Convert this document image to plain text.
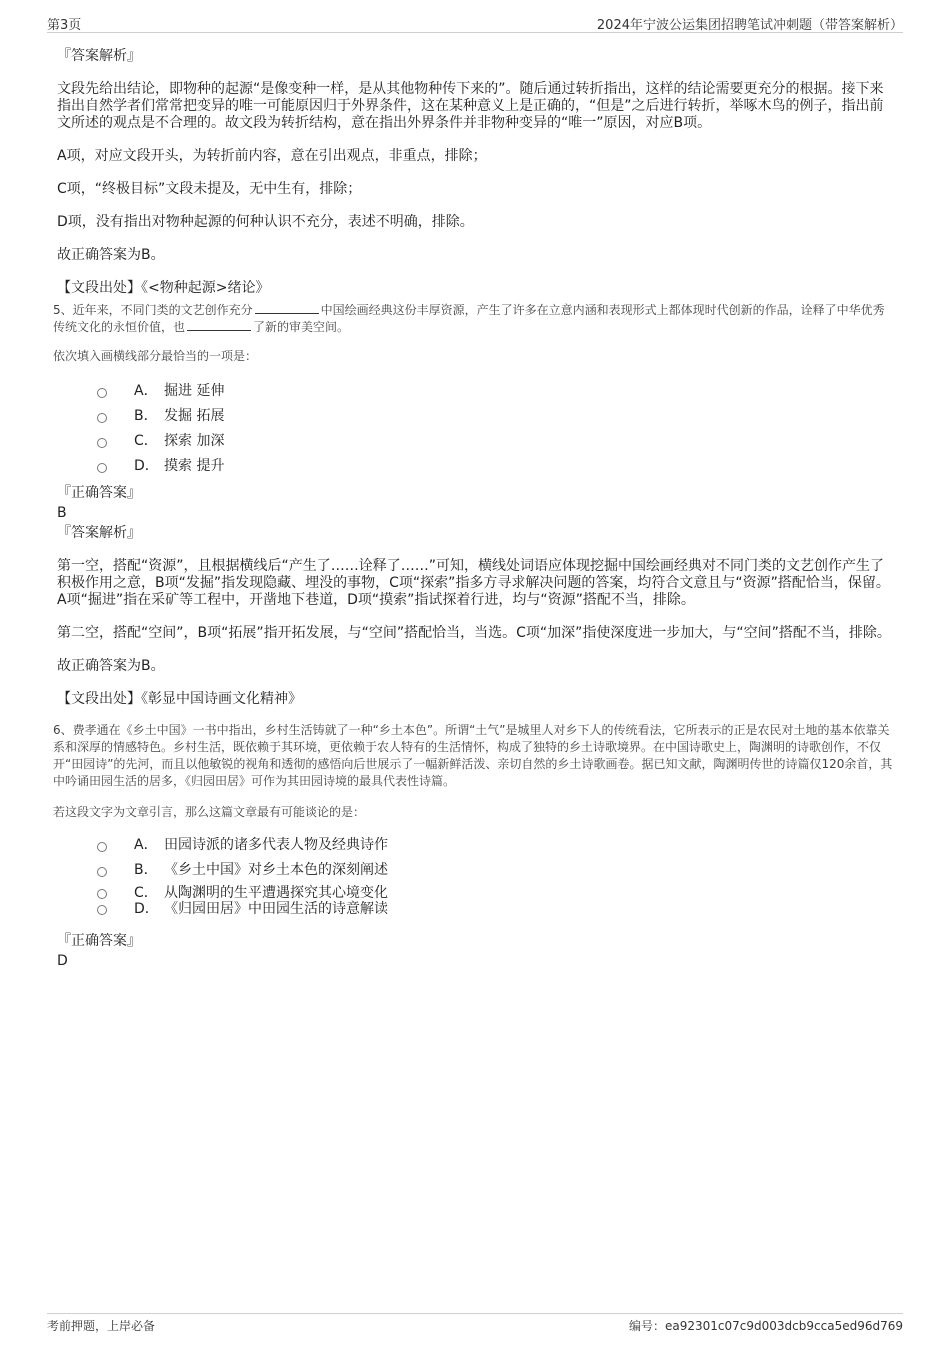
第3页	2024年宁波公运集团招聘笔试冲刺题（带答案解析）

『答案解析』

文段先给出结论，即物种的起源“是像变种一样，是从其他物种传下来的”。随后通过转折指出，这样的结论需要更充分的根据。接下来指出自然学者们常常把变异的唯一可能原因归于外界条件，这在某种意义上是正确的，“但是”之后进行转折，举啄木鸟的例子，指出前文所述的观点是不合理的。故文段为转折结构，意在指出外界条件并非物种变异的“唯一”原因，对应B项。

A项，对应文段开头，为转折前内容，意在引出观点，非重点，排除；

C项，“终极目标”文段未提及，无中生有，排除；

D项，没有指出对物种起源的何种认识不充分，表述不明确，排除。

故正确答案为B。

【文段出处】《<物种起源>绪论》

5、近年来，不同门类的文艺创作充分	中国绘画经典这份丰厚资源，产生了许多在立意内涵和表现形式上都体现时代创新的作品，诠释了中华优秀传统文化的永恒价值，也	了新的审美空间。

依次填入画横线部分最恰当的一项是：

A． 掘进 延伸
B． 发掘 拓展
C． 探索 加深
D． 摸索 提升

『正确答案』

B

『答案解析』

第一空，搭配“资源”，且根据横线后“产生了……诠释了……”可知，横线处词语应体现挖掘中国绘画经典对不同门类的文艺创作产生了积极作用之意，B项“发掘”指发现隐藏、埋没的事物，C项“探索”指多方寻求解决问题的答案，均符合文意且与“资源”搭配恰当，保留。A项“掘进”指在采矿等工程中，开凿地下巷道，D项“摸索”指试探着行进，均与“资源”搭配不当，排除。

第二空，搭配“空间”，B项“拓展”指开拓发展，与“空间”搭配恰当，当选。C项“加深”指使深度进一步加大，与“空间”搭配不当，排除。

故正确答案为B。

【文段出处】《彰显中国诗画文化精神》

6、费孝通在《乡土中国》一书中指出，乡村生活铸就了一种“乡土本色”。所谓“土气”是城里人对乡下人的传统看法，它所表示的正是农民对土地的基本依靠关系和深厚的情感特色。乡村生活，既依赖于其环境，更依赖于农人特有的生活情怀，构成了独特的乡土诗歌境界。在中国诗歌史上，陶渊明的诗歌创作，不仅开“田园诗”的先河，而且以他敏锐的视角和透彻的感悟向后世展示了一幅新鲜活泼、亲切自然的乡土诗歌画卷。据已知文献，陶渊明传世的诗篇仅120余首，其中吟诵田园生活的居多，《归园田居》可作为其田园诗境的最具代表性诗篇。

若这段文字为文章引言，那么这篇文章最有可能谈论的是：

A． 田园诗派的诸多代表人物及经典诗作
B． 《乡土中国》对乡土本色的深刻阐述
C． 从陶渊明的生平遭遇探究其心境变化
D． 《归园田居》中田园生活的诗意解读

『正确答案』

D

考前押题，上岸必备	编号：ea92301c07c9d003dcb9cca5ed96d769
